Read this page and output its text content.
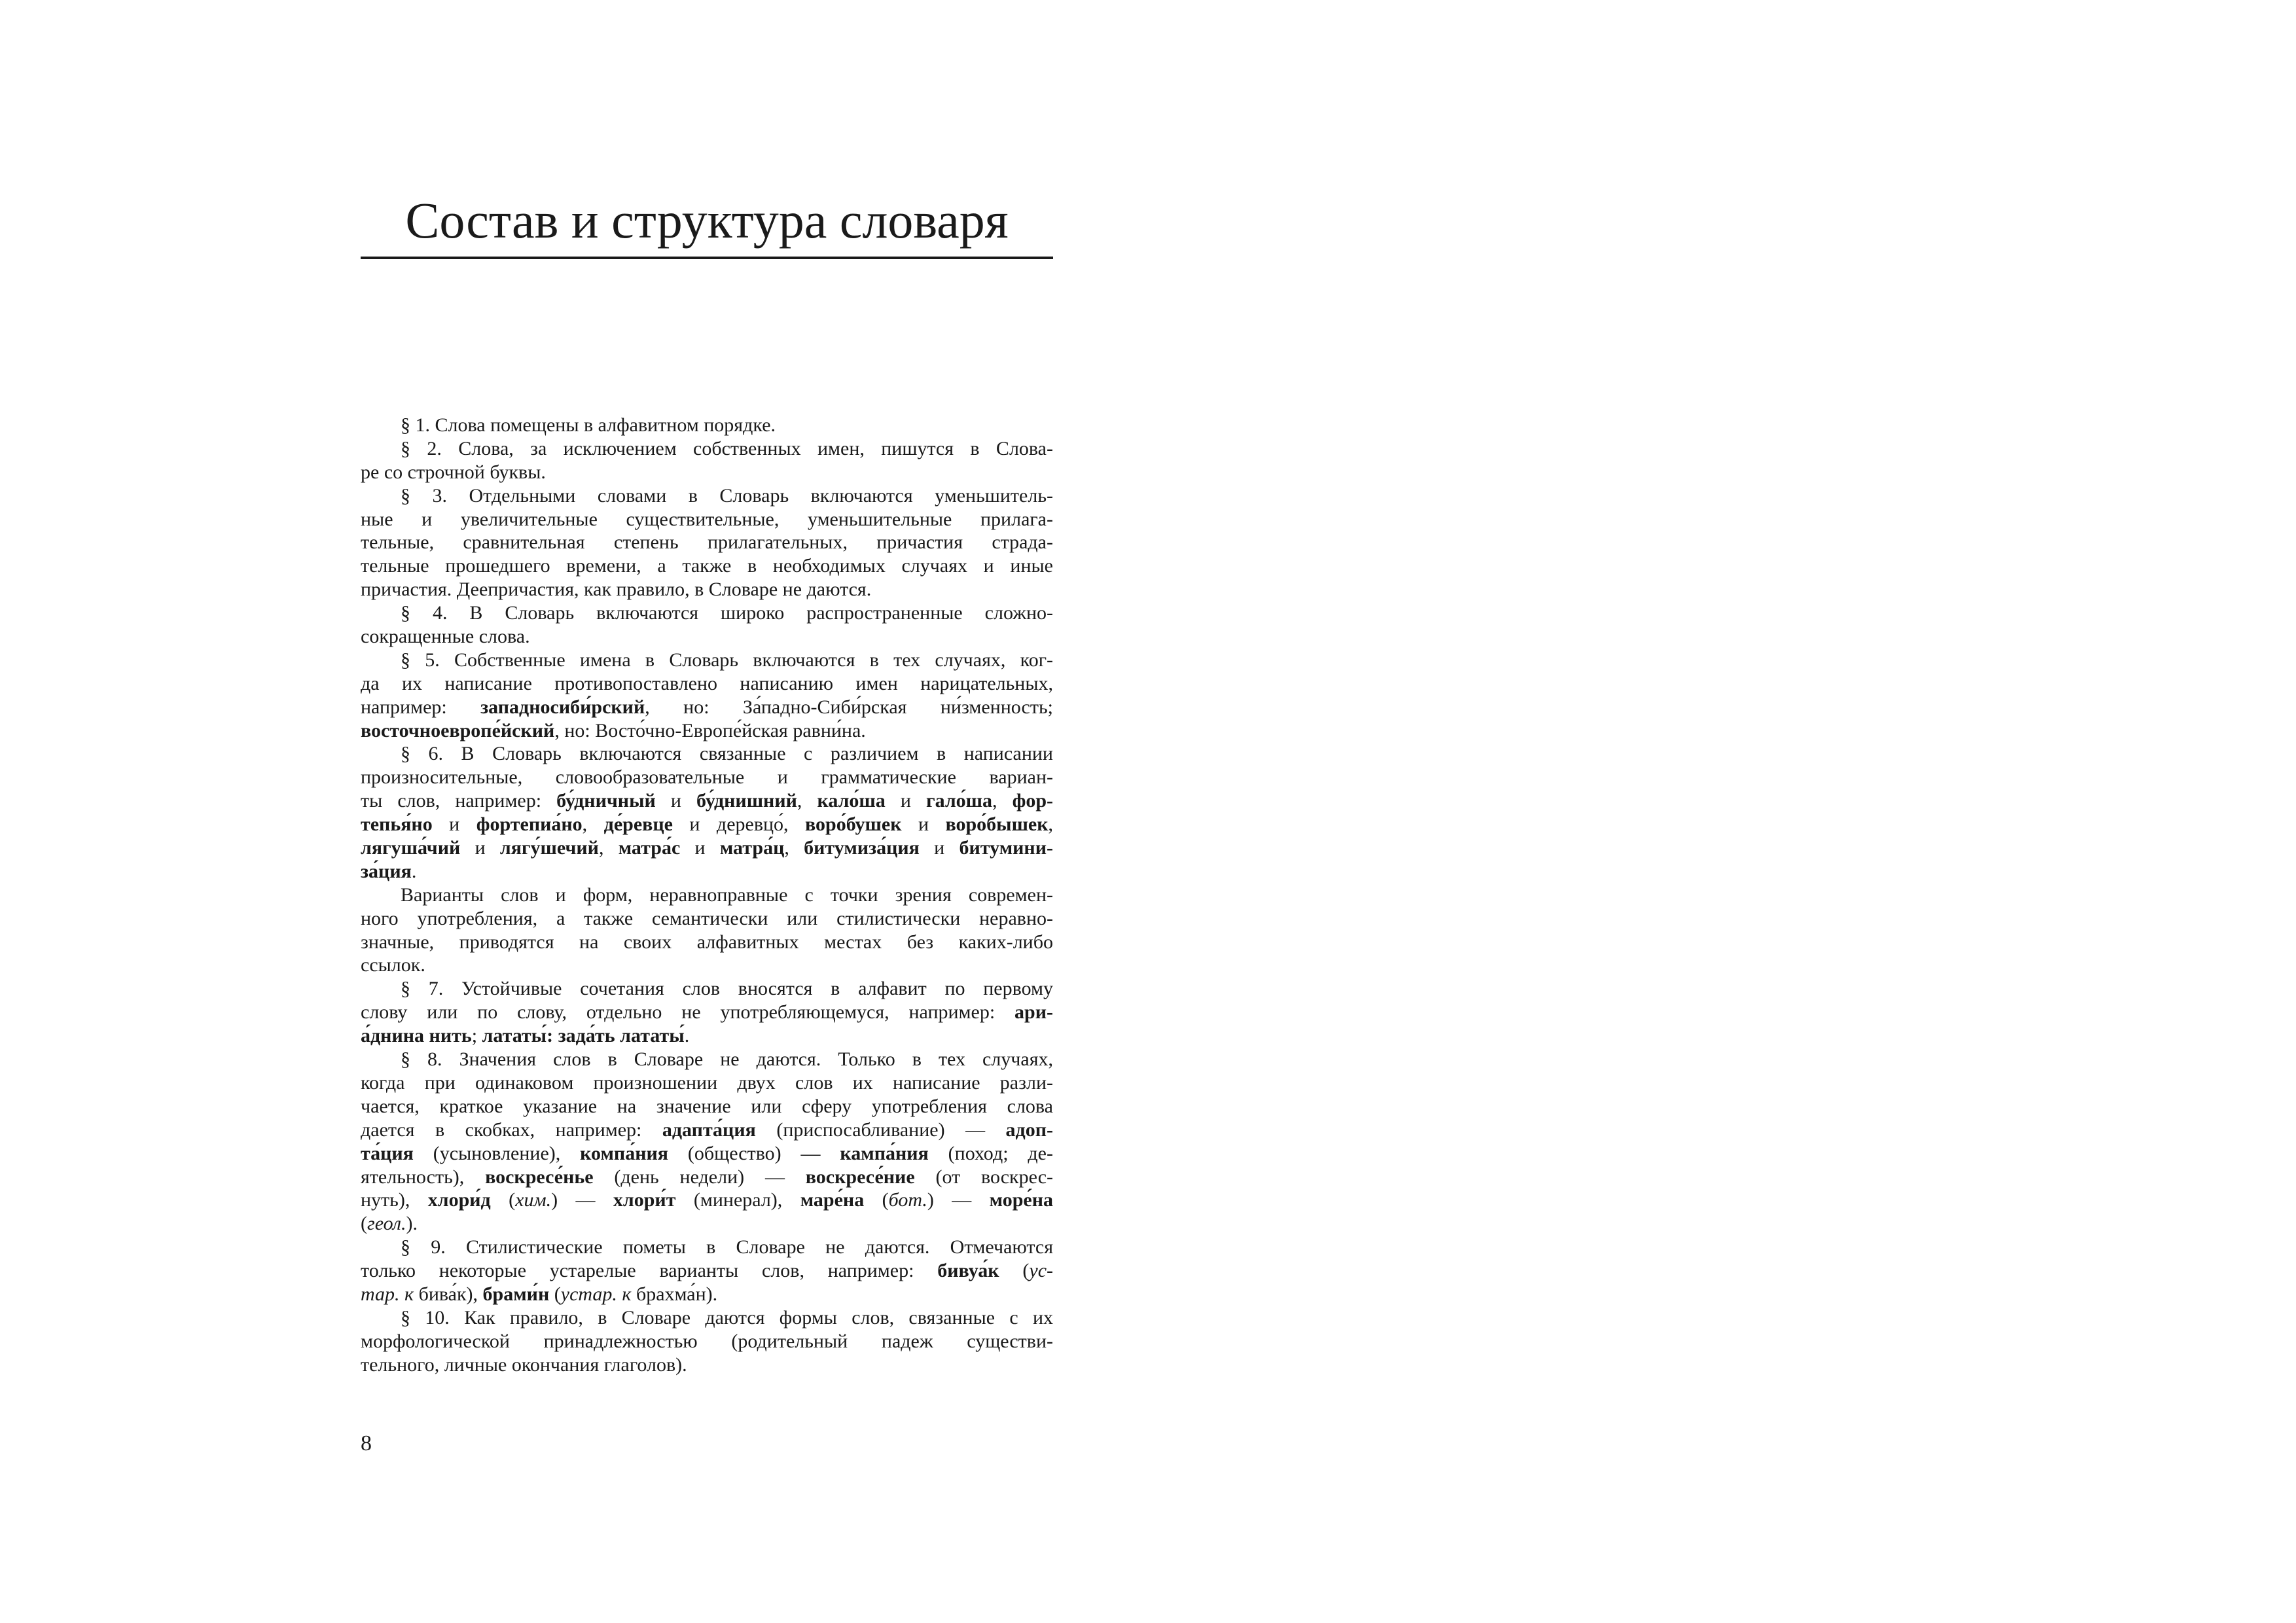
Состав и структура словаря
§ 1. Слова помещены в алфавитном порядке.
§ 2. Слова, за исключением собственных имен, пишутся в Слова-
ре со строчной буквы.
§ 3. Отдельными словами в Словарь включаются уменьшитель-
ные и увеличительные существительные, уменьшительные прилага-
тельные, сравнительная степень прилагательных, причастия страда-
тельные прошедшего времени, а также в необходимых случаях и иные
причастия. Деепричастия, как правило, в Словаре не даются.
§ 4. В Словарь включаются широко распространенные сложно-
сокращенные слова.
§ 5. Собственные имена в Словарь включаются в тех случаях, ког-
да их написание противопоставлено написанию имен нарицательных,
например: западносиби́рский, но: За́падно-Сиби́рская ни́зменность;
восточноевропе́йский, но: Восто́чно-Европе́йская равни́на.
§ 6. В Словарь включаются связанные с различием в написании
произносительные, словообразовательные и грамматические вариан-
ты слов, например: бу́дничный и бу́днишний, кало́ша и гало́ша, фор-
тепья́но и фортепиа́но, де́ревце и деревцо́, воро́бушек и воро́бышек,
лягуша́чий и лягу́шечий, матра́с и матра́ц, битумиза́ция и битумини-
за́ция.
Варианты слов и форм, неравноправные с точки зрения современ-
ного употребления, а также семантически или стилистически неравно-
значные, приводятся на своих алфавитных местах без каких-либо
ссылок.
§ 7. Устойчивые сочетания слов вносятся в алфавит по первому
слову или по слову, отдельно не употребляющемуся, например: ари-
а́днина нить; лататы́: зада́ть лататы́.
§ 8. Значения слов в Словаре не даются. Только в тех случаях,
когда при одинаковом произношении двух слов их написание разли-
чается, краткое указание на значение или сферу употребления слова
дается в скобках, например: адапта́ция (приспосабливание) — адоп-
та́ция (усыновление), компа́ния (общество) — кампа́ния (поход; де-
ятельность), воскресе́нье (день недели) — воскресе́ние (от воскрес-
нуть), хлори́д (хим.) — хлори́т (минерал), маре́на (бот.) — море́на
(геол.).
§ 9. Стилистические пометы в Словаре не даются. Отмечаются
только некоторые устарелые варианты слов, например: бивуа́к (ус-
тар. к бива́к), брами́н (устар. к брахма́н).
§ 10. Как правило, в Словаре даются формы слов, связанные с их
морфологической принадлежностью (родительный падеж существи-
тельного, личные окончания глаголов).
8
